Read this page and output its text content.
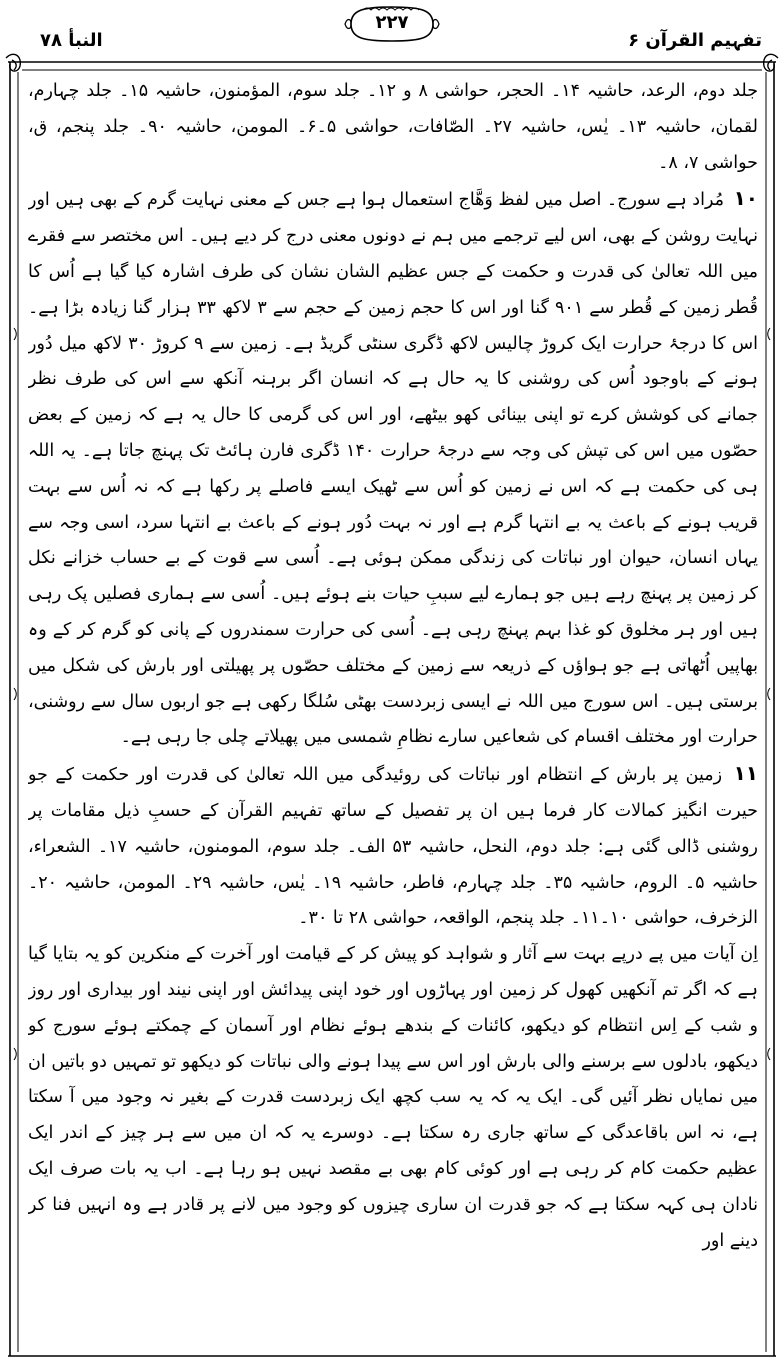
النبأ ۷۸
۲۲۷
تفہیم القرآن ۶

جلد دوم، الرعد، حاشیہ ۱۴۔ الحجر، حواشی ۸ و ۱۲۔ جلد سوم، المؤمنون، حاشیہ ۱۵۔ جلد چہارم، لقمان، حاشیہ ۱۳۔ یٰس، حاشیہ ۲۷۔ الصّافات، حواشی ۵۔۶۔ المومن، حاشیہ ۹۰۔ جلد پنجم، ق، حواشی ۷، ۸۔

۱۰ مُراد ہے سورج۔ اصل میں لفظ وَھَّاج استعمال ہوا ہے جس کے معنی نہایت گرم کے بھی ہیں اور نہایت روشن کے بھی، اس لیے ترجمے میں ہم نے دونوں معنی درج کر دیے ہیں۔ اس مختصر سے فقرے میں اللہ تعالیٰ کی قدرت و حکمت کے جس عظیم الشان نشان کی طرف اشارہ کیا گیا ہے اُس کا قُطر زمین کے قُطر سے ۹۰۱ گنا اور اس کا حجم زمین کے حجم سے ۳ لاکھ ۳۳ ہزار گنا زیادہ بڑا ہے۔ اس کا درجۂ حرارت ایک کروڑ چالیس لاکھ ڈگری سنٹی گریڈ ہے۔ زمین سے ۹ کروڑ ۳۰ لاکھ میل دُور ہونے کے باوجود اُس کی روشنی کا یہ حال ہے کہ انسان اگر برہنہ آنکھ سے اس کی طرف نظر جمانے کی کوشش کرے تو اپنی بینائی کھو بیٹھے، اور اس کی گرمی کا حال یہ ہے کہ زمین کے بعض حصّوں میں اس کی تپش کی وجہ سے درجۂ حرارت ۱۴۰ ڈگری فارن ہائٹ تک پہنچ جاتا ہے۔ یہ اللہ ہی کی حکمت ہے کہ اس نے زمین کو اُس سے ٹھیک ایسے فاصلے پر رکھا ہے کہ نہ اُس سے بہت قریب ہونے کے باعث یہ بے انتہا گرم ہے اور نہ بہت دُور ہونے کے باعث بے انتہا سرد، اسی وجہ سے یہاں انسان، حیوان اور نباتات کی زندگی ممکن ہوئی ہے۔ اُسی سے قوت کے بے حساب خزانے نکل کر زمین پر پہنچ رہے ہیں جو ہمارے لیے سببِ حیات بنے ہوئے ہیں۔ اُسی سے ہماری فصلیں پک رہی ہیں اور ہر مخلوق کو غذا بہم پہنچ رہی ہے۔ اُسی کی حرارت سمندروں کے پانی کو گرم کر کے وہ بھاپیں اُٹھاتی ہے جو ہواؤں کے ذریعہ سے زمین کے مختلف حصّوں پر پھیلتی اور بارش کی شکل میں برستی ہیں۔ اس سورج میں اللہ نے ایسی زبردست بھٹی سُلگا رکھی ہے جو اربوں سال سے روشنی، حرارت اور مختلف اقسام کی شعاعیں سارے نظامِ شمسی میں پھیلاتے چلی جا رہی ہے۔

۱۱ زمین پر بارش کے انتظام اور نباتات کی روئیدگی میں اللہ تعالیٰ کی قدرت اور حکمت کے جو حیرت انگیز کمالات کار فرما ہیں ان پر تفصیل کے ساتھ تفہیم القرآن کے حسبِ ذیل مقامات پر روشنی ڈالی گئی ہے: جلد دوم، النحل، حاشیہ ۵۳ الف۔ جلد سوم، المومنون، حاشیہ ۱۷۔ الشعراء، حاشیہ ۵۔ الروم، حاشیہ ۳۵۔ جلد چہارم، فاطر، حاشیہ ۱۹۔ یٰس، حاشیہ ۲۹۔ المومن، حاشیہ ۲۰۔ الزخرف، حواشی ۱۰۔۱۱۔ جلد پنجم، الواقعہ، حواشی ۲۸ تا ۳۰۔

اِن آیات میں پے درپے بہت سے آثار و شواہد کو پیش کر کے قیامت اور آخرت کے منکرین کو یہ بتایا گیا ہے کہ اگر تم آنکھیں کھول کر زمین اور پہاڑوں اور خود اپنی پیدائش اور اپنی نیند اور بیداری اور روز و شب کے اِس انتظام کو دیکھو، کائنات کے بندھے ہوئے نظام اور آسمان کے چمکتے ہوئے سورج کو دیکھو، بادلوں سے برسنے والی بارش اور اس سے پیدا ہونے والی نباتات کو دیکھو تو تمہیں دو باتیں ان میں نمایاں نظر آئیں گی۔ ایک یہ کہ یہ سب کچھ ایک زبردست قدرت کے بغیر نہ وجود میں آ سکتا ہے، نہ اس باقاعدگی کے ساتھ جاری رہ سکتا ہے۔ دوسرے یہ کہ ان میں سے ہر چیز کے اندر ایک عظیم حکمت کام کر رہی ہے اور کوئی کام بھی بے مقصد نہیں ہو رہا ہے۔ اب یہ بات صرف ایک نادان ہی کہہ سکتا ہے کہ جو قدرت ان ساری چیزوں کو وجود میں لانے پر قادر ہے وہ انہیں فنا کر دینے اور
